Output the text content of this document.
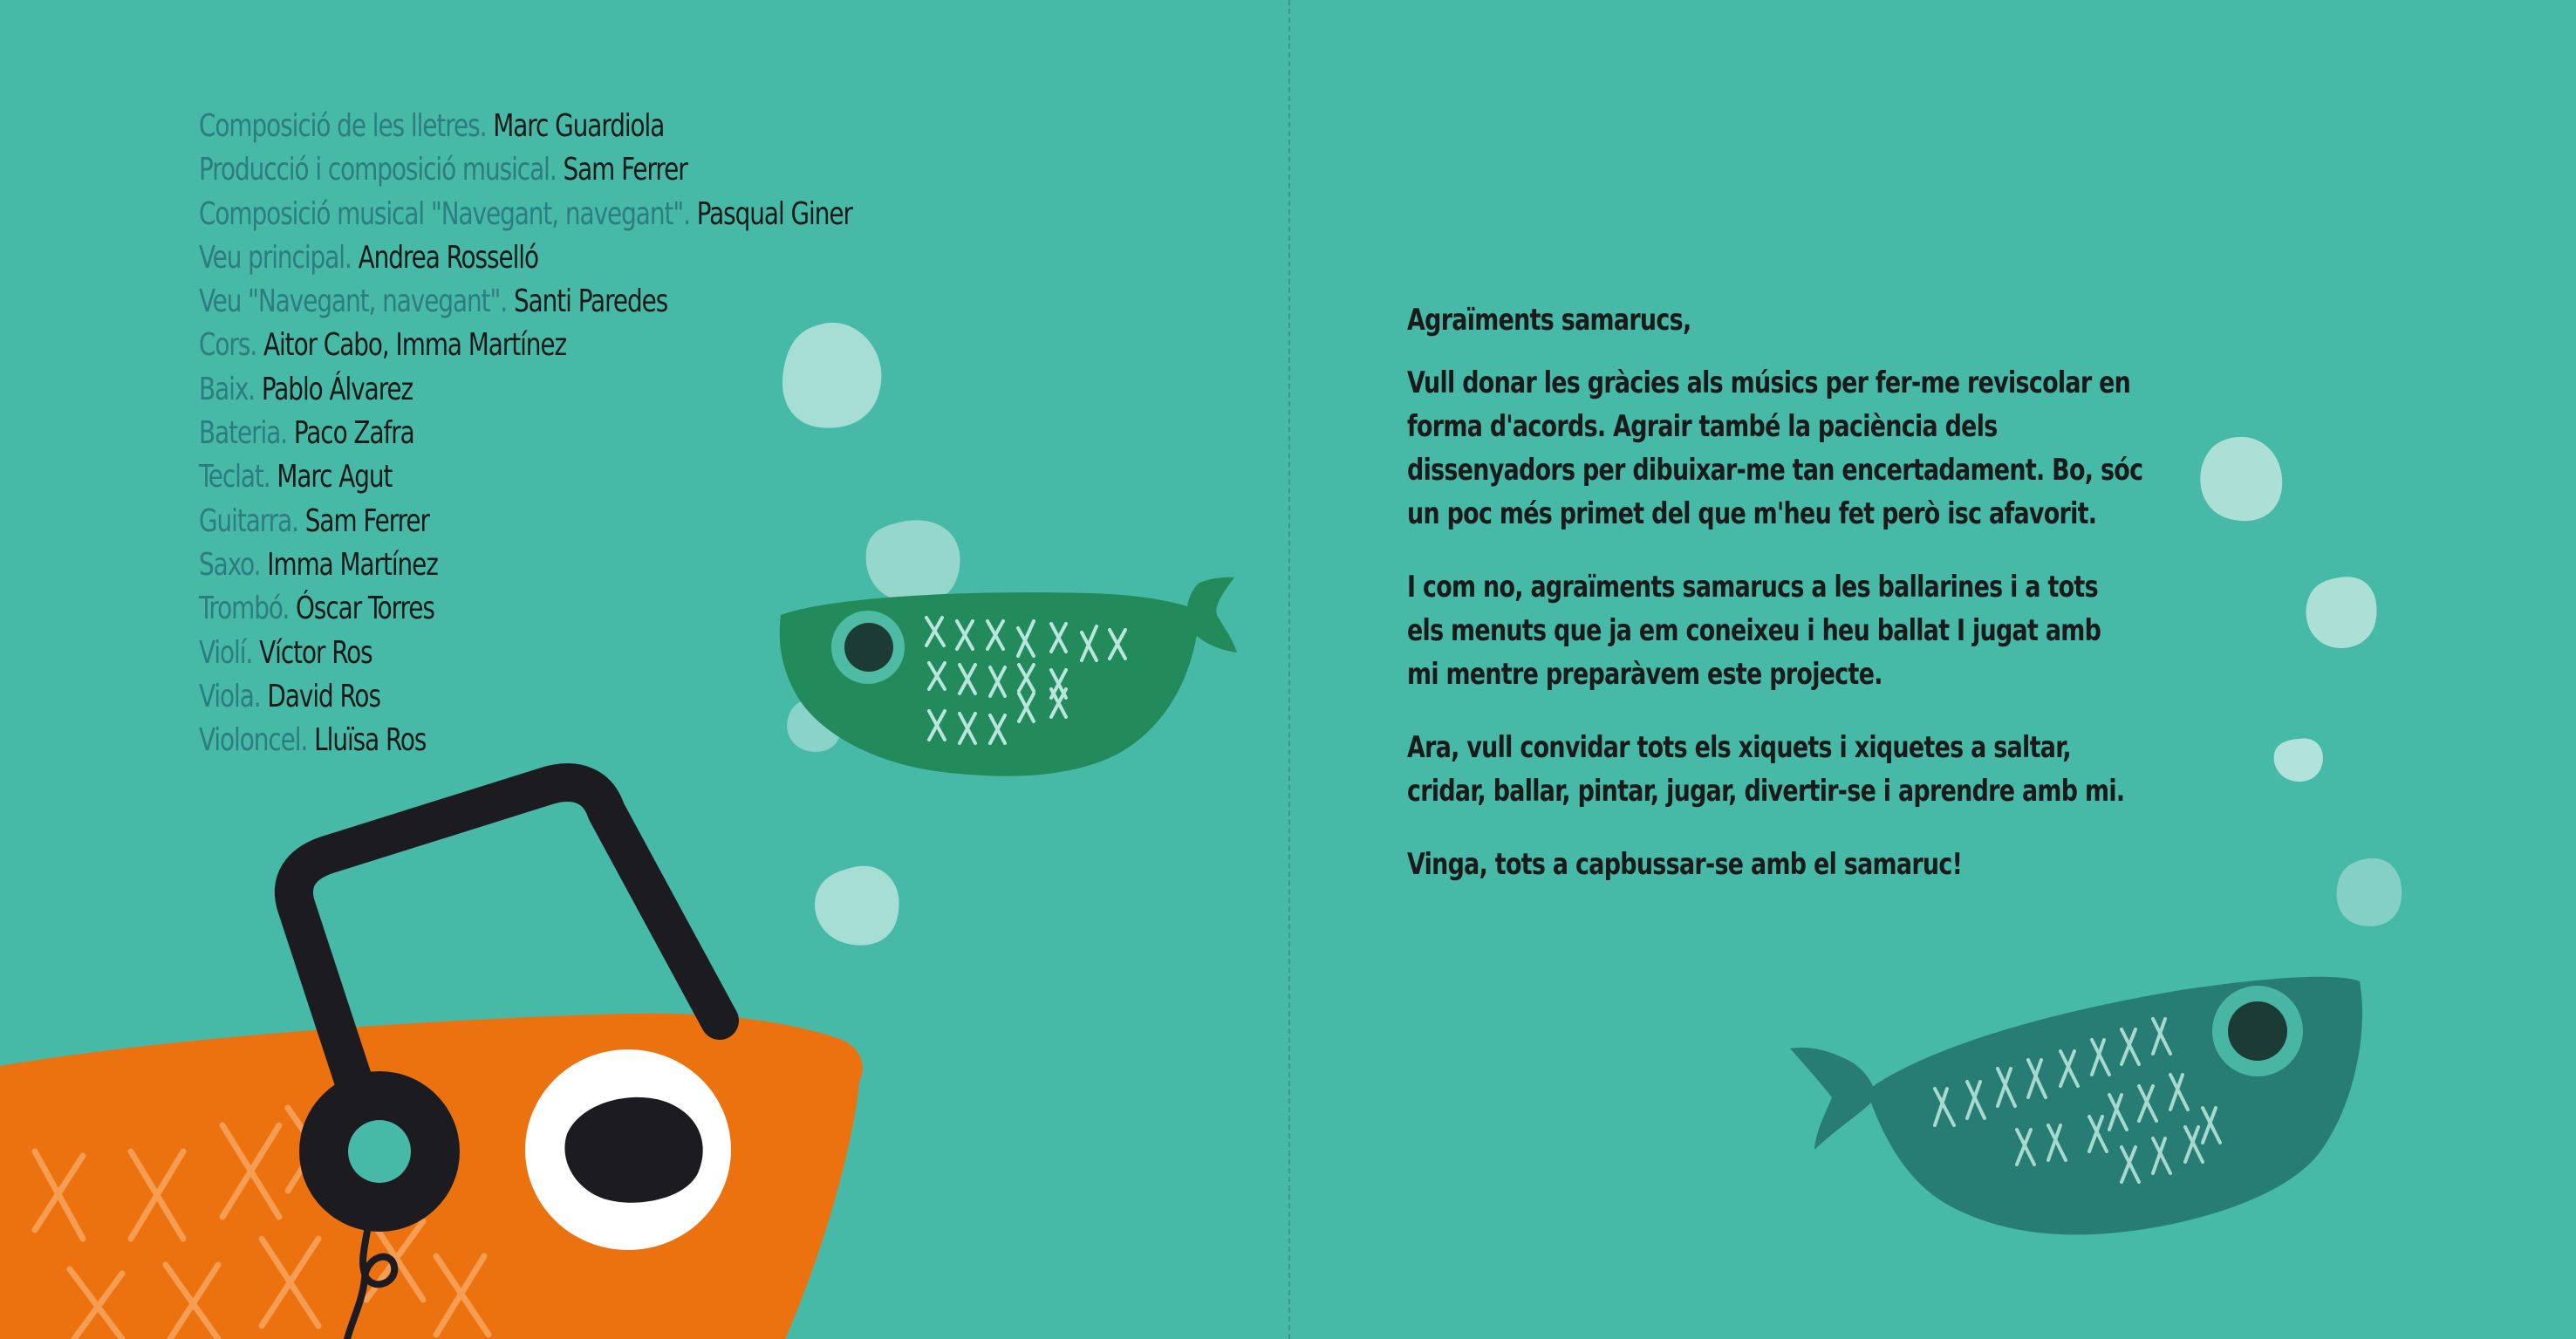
Composició de les lletres. Marc Guardiola
Producció i composició musical. Sam Ferrer
Composició musical "Navegant, navegant". Pasqual Giner
Veu principal. Andrea Rosselló
Veu "Navegant, navegant". Santi Paredes
Cors. Aitor Cabo, Imma Martínez
Baix. Pablo Álvarez
Bateria. Paco Zafra
Teclat. Marc Agut
Guitarra. Sam Ferrer
Saxo. Imma Martínez
Trombó. Óscar Torres
Violí. Víctor Ros
Viola. David Ros
Violoncel. Lluïsa Ros

Agraïments samarucs,

Vull donar les gràcies als músics per fer-me reviscolar en
forma d'acords. Agrair també la paciència dels
dissenyadors per dibuixar-me tan encertadament. Bo, sóc
un poc més primet del que m'heu fet però isc afavorit.

I com no, agraïments samarucs a les ballarines i a tots
els menuts que ja em coneixeu i heu ballat I jugat amb
mi mentre preparàvem este projecte.

Ara, vull convidar tots els xiquets i xiquetes a saltar,
cridar, ballar, pintar, jugar, divertir-se i aprendre amb mi.

Vinga, tots a capbussar-se amb el samaruc!
